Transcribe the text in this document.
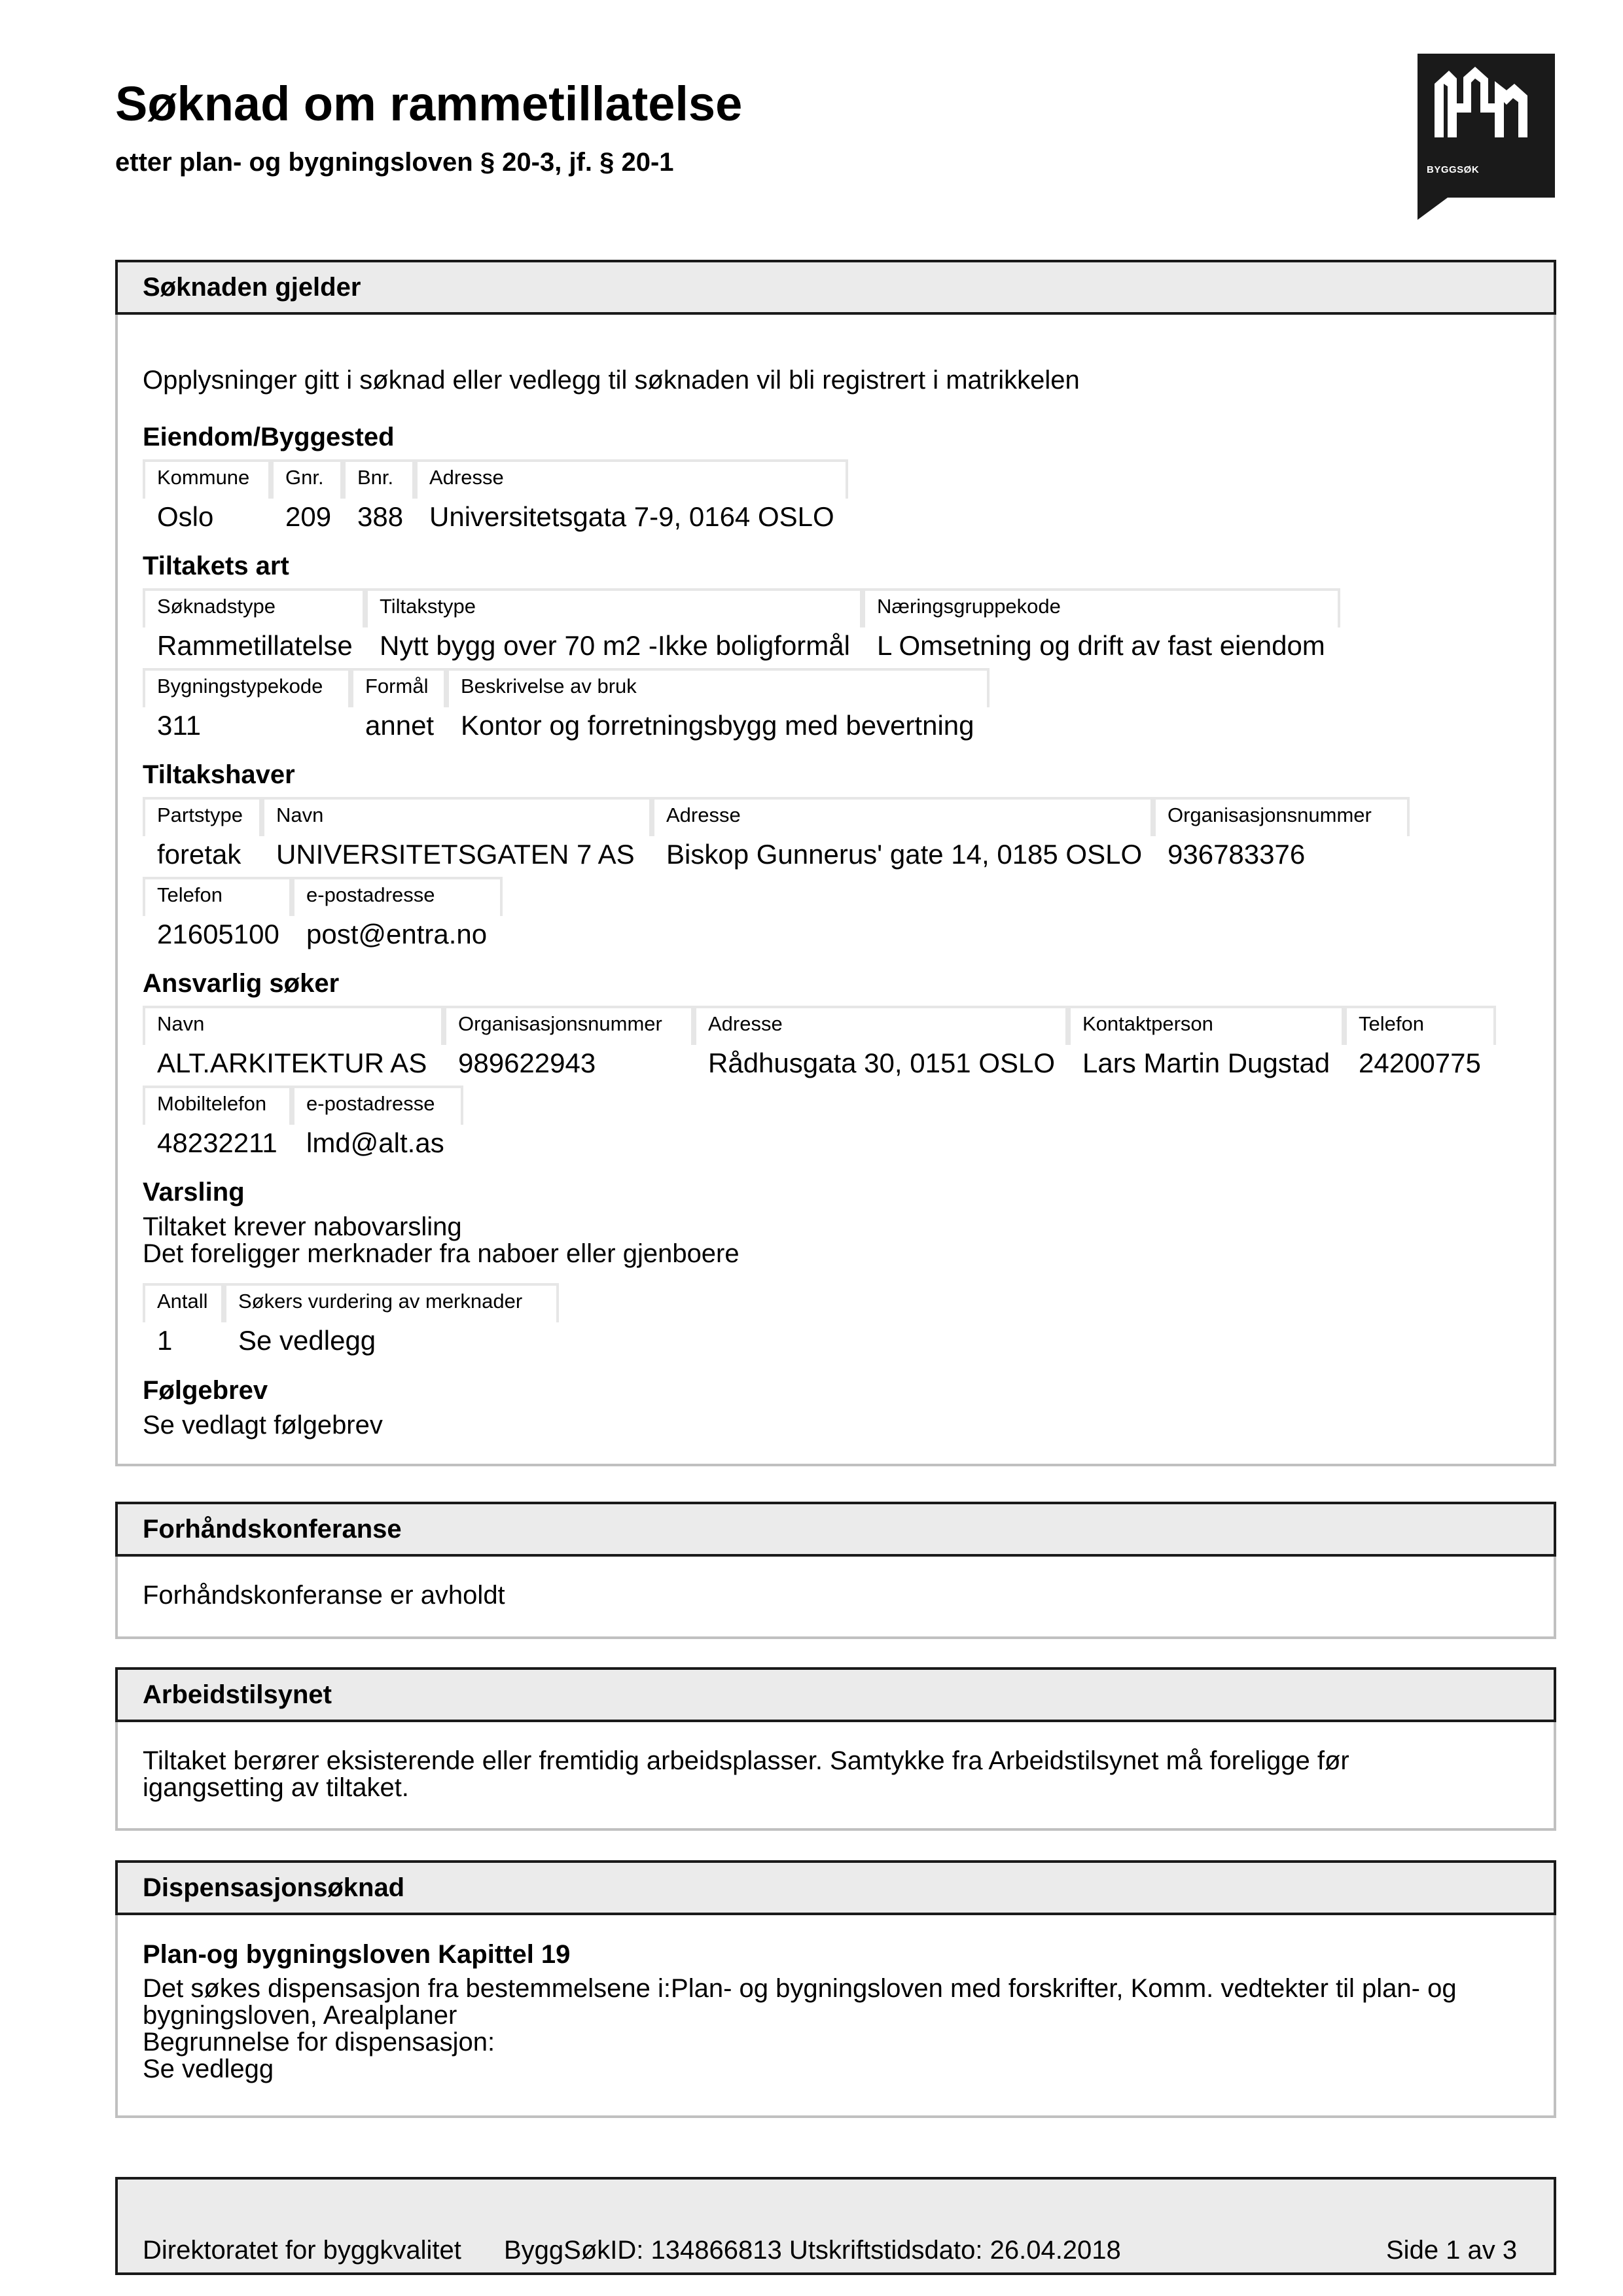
Søknad om rammetillatelse
etter plan- og bygningsloven § 20-3, jf. § 20-1	BYGGSØK
Søknaden gjelder
Opplysninger gitt i søknad eller vedlegg til søknaden vil bli registrert i matrikkelen
Eiendom/Byggested
Kommune
Oslo
Gnr.
209
Bnr.
388
Adresse
Universitetsgata 7-9, 0164 OSLO
Tiltakets art
Søknadstype
Rammetillatelse
Tiltakstype
Nytt bygg over 70 m2 -Ikke boligformål
Næringsgruppekode
L Omsetning og drift av fast eiendom
Bygningstypekode
311
Formål
annet
Beskrivelse av bruk
Kontor og forretningsbygg med bevertning
Tiltakshaver
Partstype
foretak
Navn
UNIVERSITETSGATEN 7 AS
Adresse
Biskop Gunnerus' gate 14, 0185 OSLO
Organisasjonsnummer
936783376
Telefon
21605100
e-postadresse
post@entra.no
Ansvarlig søker
Navn
ALT.ARKITEKTUR AS
Organisasjonsnummer
989622943
Adresse
Rådhusgata 30, 0151 OSLO
Kontaktperson
Lars Martin Dugstad
Telefon
24200775
Mobiltelefon
48232211
e-postadresse
lmd@alt.as
Varsling
Tiltaket krever nabovarsling
Det foreligger merknader fra naboer eller gjenboere
Antall
1
Søkers vurdering av merknader
Se vedlegg
Følgebrev
Se vedlagt følgebrev
Forhåndskonferanse
Forhåndskonferanse er avholdt
Arbeidstilsynet
Tiltaket berører eksisterende eller fremtidig arbeidsplasser. Samtykke fra Arbeidstilsynet må foreligge før
igangsetting av tiltaket.
Dispensasjonsøknad
Plan-og bygningsloven Kapittel 19
Det søkes dispensasjon fra bestemmelsene i:Plan- og bygningsloven med forskrifter, Komm. vedtekter til plan- og
bygningsloven, Arealplaner
Begrunnelse for dispensasjon:
Se vedlegg
Direktoratet for byggkvalitet ByggSøkID: 134866813 Utskriftstidsdato: 26.04.2018	Side 1 av 3
